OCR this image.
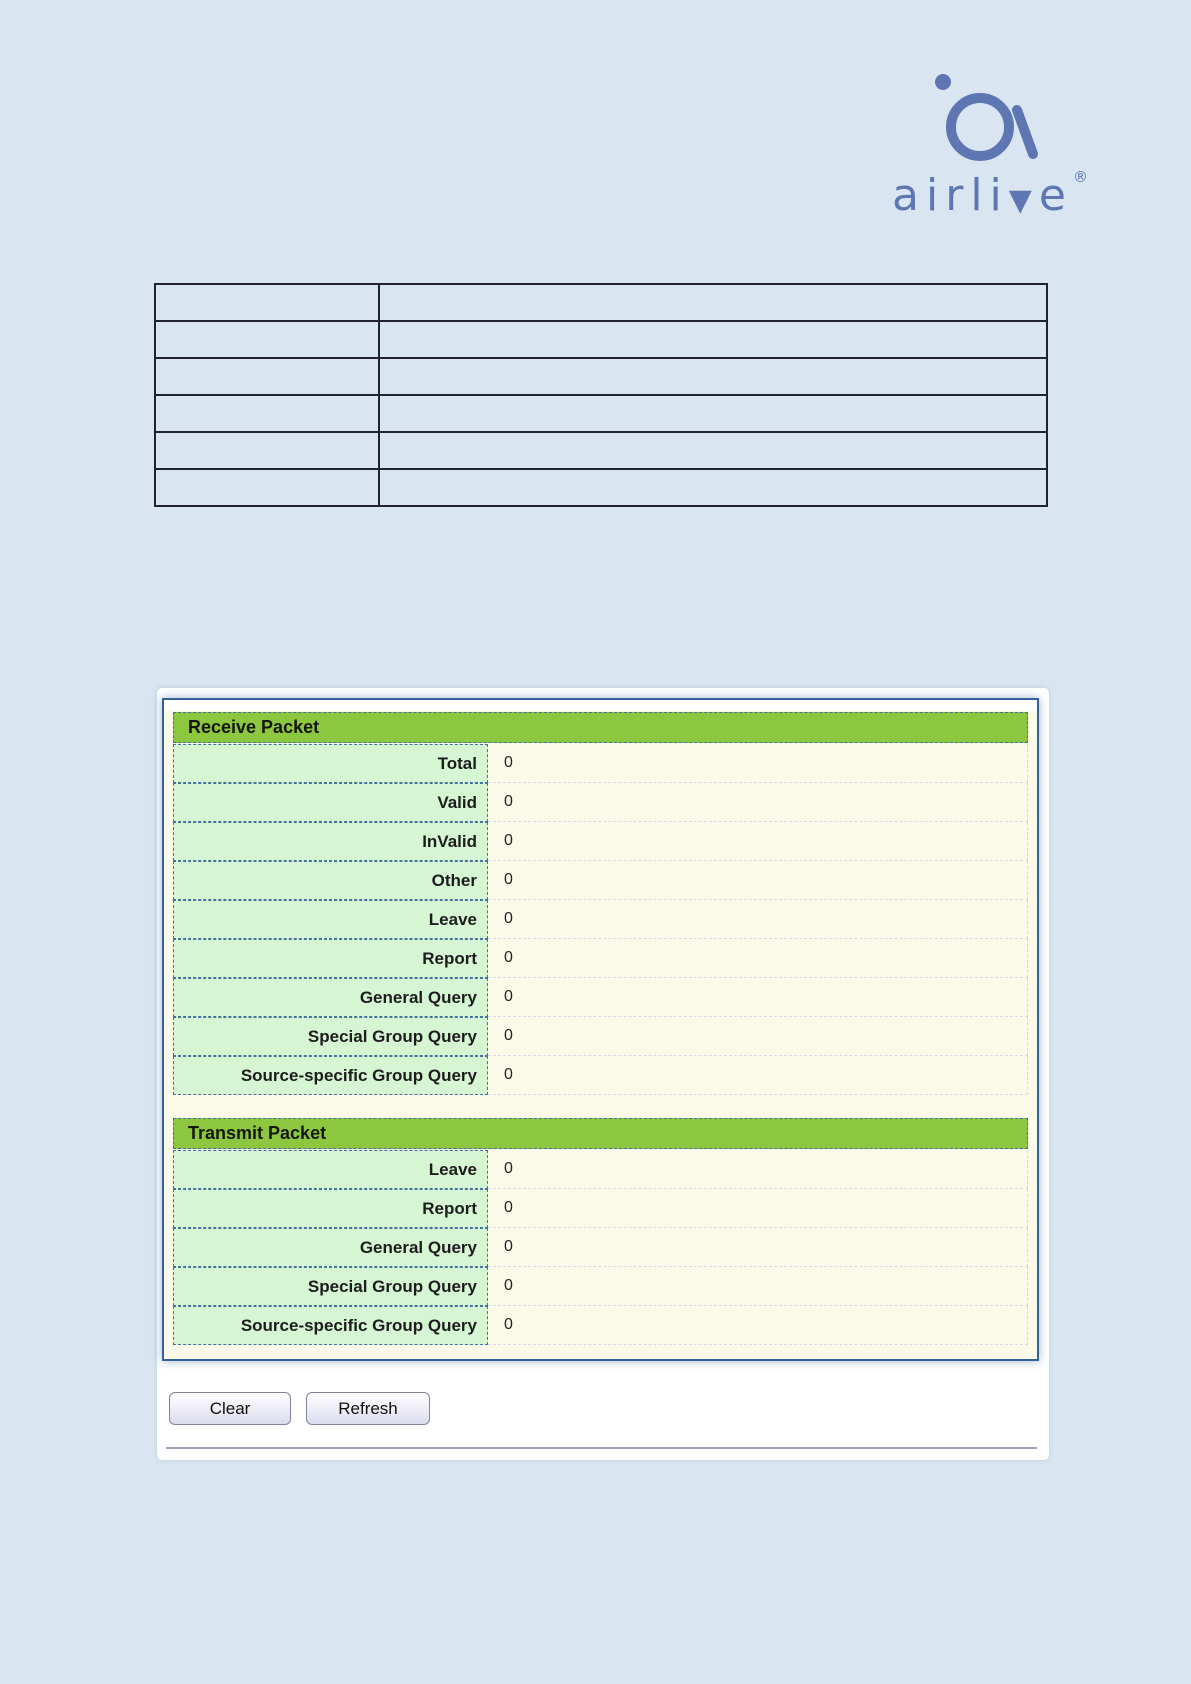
airli▼e®
Receive Packet
Total	0
Valid	0
InValid	0
Other	0
Leave	0
Report	0
General Query	0
Special Group Query	0
Source-specific Group Query	0
Transmit Packet
Leave	0
Report	0
General Query	0
Special Group Query	0
Source-specific Group Query	0
Clear	Refresh
